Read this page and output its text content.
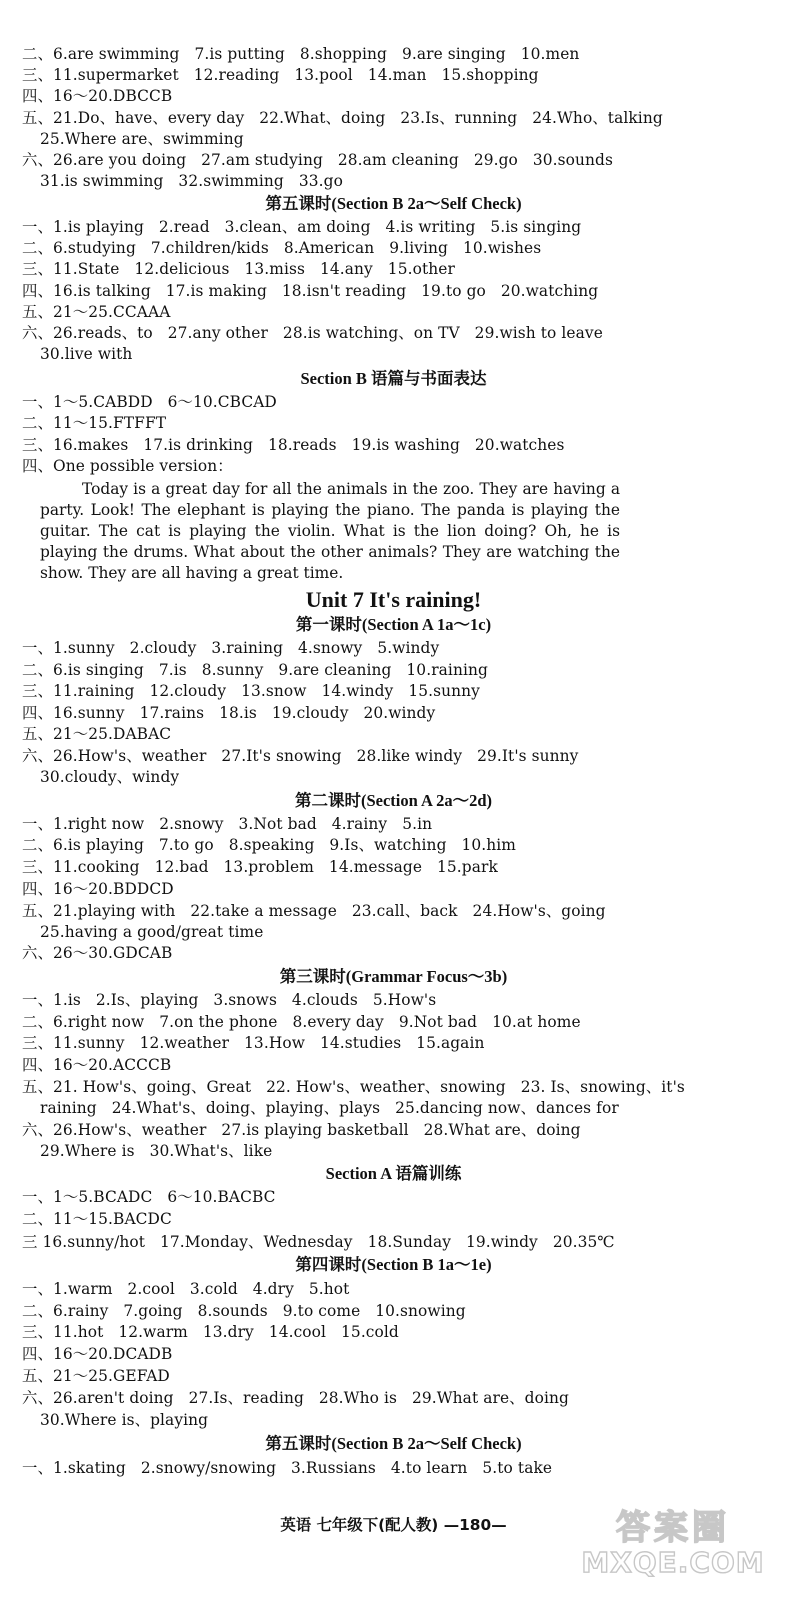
二、6.are swimming   7.is putting   8.shopping   9.are singing   10.men
三、11.supermarket   12.reading   13.pool   14.man   15.shopping
四、16～20.DBCCB
五、21.Do、have、every day   22.What、doing   23.Is、running   24.Who、talking
25.Where are、swimming
六、26.are you doing   27.am studying   28.am cleaning   29.go   30.sounds
31.is swimming   32.swimming   33.go
第五课时(Section B 2a～Self Check)
一、1.is playing   2.read   3.clean、am doing   4.is writing   5.is singing
二、6.studying   7.children/kids   8.American   9.living   10.wishes
三、11.State   12.delicious   13.miss   14.any   15.other
四、16.is talking   17.is making   18.isn't reading   19.to go   20.watching
五、21～25.CCAAA
六、26.reads、to   27.any other   28.is watching、on TV   29.wish to leave
30.live with
Section B 语篇与书面表达
一、1～5.CABDD   6～10.CBCAD
二、11～15.FTFFT
三、16.makes   17.is drinking   18.reads   19.is washing   20.watches
四、One possible version：

Today is a great day for all the animals in the zoo. They are having a party. Look! The elephant is playing the piano. The panda is playing the guitar. The cat is playing the violin. What is the lion doing? Oh, he is playing the drums. What about the other animals? They are watching the show. They are all having a great time.

Unit 7 It's raining!
第一课时(Section A 1a～1c)
一、1.sunny   2.cloudy   3.raining   4.snowy   5.windy
二、6.is singing   7.is   8.sunny   9.are cleaning   10.raining
三、11.raining   12.cloudy   13.snow   14.windy   15.sunny
四、16.sunny   17.rains   18.is   19.cloudy   20.windy
五、21～25.DABAC
六、26.How's、weather   27.It's snowing   28.like windy   29.It's sunny
30.cloudy、windy
第二课时(Section A 2a～2d)
一、1.right now   2.snowy   3.Not bad   4.rainy   5.in
二、6.is playing   7.to go   8.speaking   9.Is、watching   10.him
三、11.cooking   12.bad   13.problem   14.message   15.park
四、16～20.BDDCD
五、21.playing with   22.take a message   23.call、back   24.How's、going
25.having a good/great time
六、26～30.GDCAB
第三课时(Grammar Focus～3b)
一、1.is   2.Is、playing   3.snows   4.clouds   5.How's
二、6.right now   7.on the phone   8.every day   9.Not bad   10.at home
三、11.sunny   12.weather   13.How   14.studies   15.again
四、16～20.ACCCB
五、21. How's、going、Great   22. How's、weather、snowing   23. Is、snowing、it's
raining   24.What's、doing、playing、plays   25.dancing now、dances for
六、26.How's、weather   27.is playing basketball   28.What are、doing
29.Where is   30.What's、like
Section A 语篇训练
一、1～5.BCADC   6～10.BACBC
二、11～15.BACDC
三 16.sunny/hot   17.Monday、Wednesday   18.Sunday   19.windy   20.35℃
第四课时(Section B 1a～1e)
一、1.warm   2.cool   3.cold   4.dry   5.hot
二、6.rainy   7.going   8.sounds   9.to come   10.snowing
三、11.hot   12.warm   13.dry   14.cool   15.cold
四、16～20.DCADB
五、21～25.GEFAD
六、26.aren't doing   27.Is、reading   28.Who is   29.What are、doing
30.Where is、playing
第五课时(Section B 2a～Self Check)
一、1.skating   2.snowy/snowing   3.Russians   4.to learn   5.to take
英语 七年级下(配人教) —180—	答案圈
MXQE.COM
